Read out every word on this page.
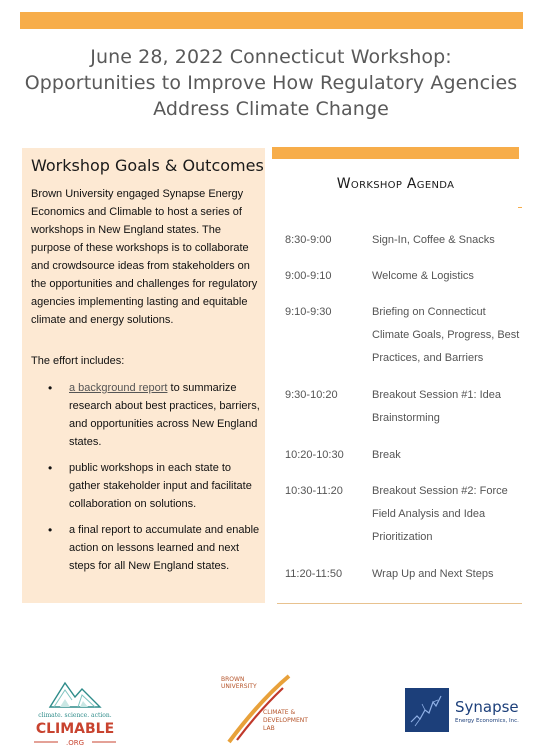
June 28, 2022 Connecticut Workshop:
Opportunities to Improve How Regulatory Agencies
Address Climate Change
Workshop Goals & Outcomes
Brown University engaged Synapse Energy Economics and Climable to host a series of workshops in New England states. The purpose of these workshops is to collaborate and crowdsource ideas from stakeholders on the opportunities and challenges for regulatory agencies implementing lasting and equitable climate and energy solutions.
The effort includes:
• a background report to summarize research about best practices, barriers, and opportunities across New England states.
• public workshops in each state to gather stakeholder input and facilitate collaboration on solutions.
• a final report to accumulate and enable action on lessons learned and next steps for all New England states.
Workshop Agenda
8:30-9:00	Sign-In, Coffee & Snacks
9:00-9:10	Welcome & Logistics
9:10-9:30	Briefing on Connecticut Climate Goals, Progress, Best Practices, and Barriers
9:30-10:20	Breakout Session #1: Idea Brainstorming
10:20-10:30	Break
10:30-11:20	Breakout Session #2: Force Field Analysis and Idea Prioritization
11:20-11:50	Wrap Up and Next Steps
climate. science. action.
CLIMABLE
.ORG
BROWN
UNIVERSITY
CLIMATE &
DEVELOPMENT
LAB
Synapse
Energy Economics, Inc.
